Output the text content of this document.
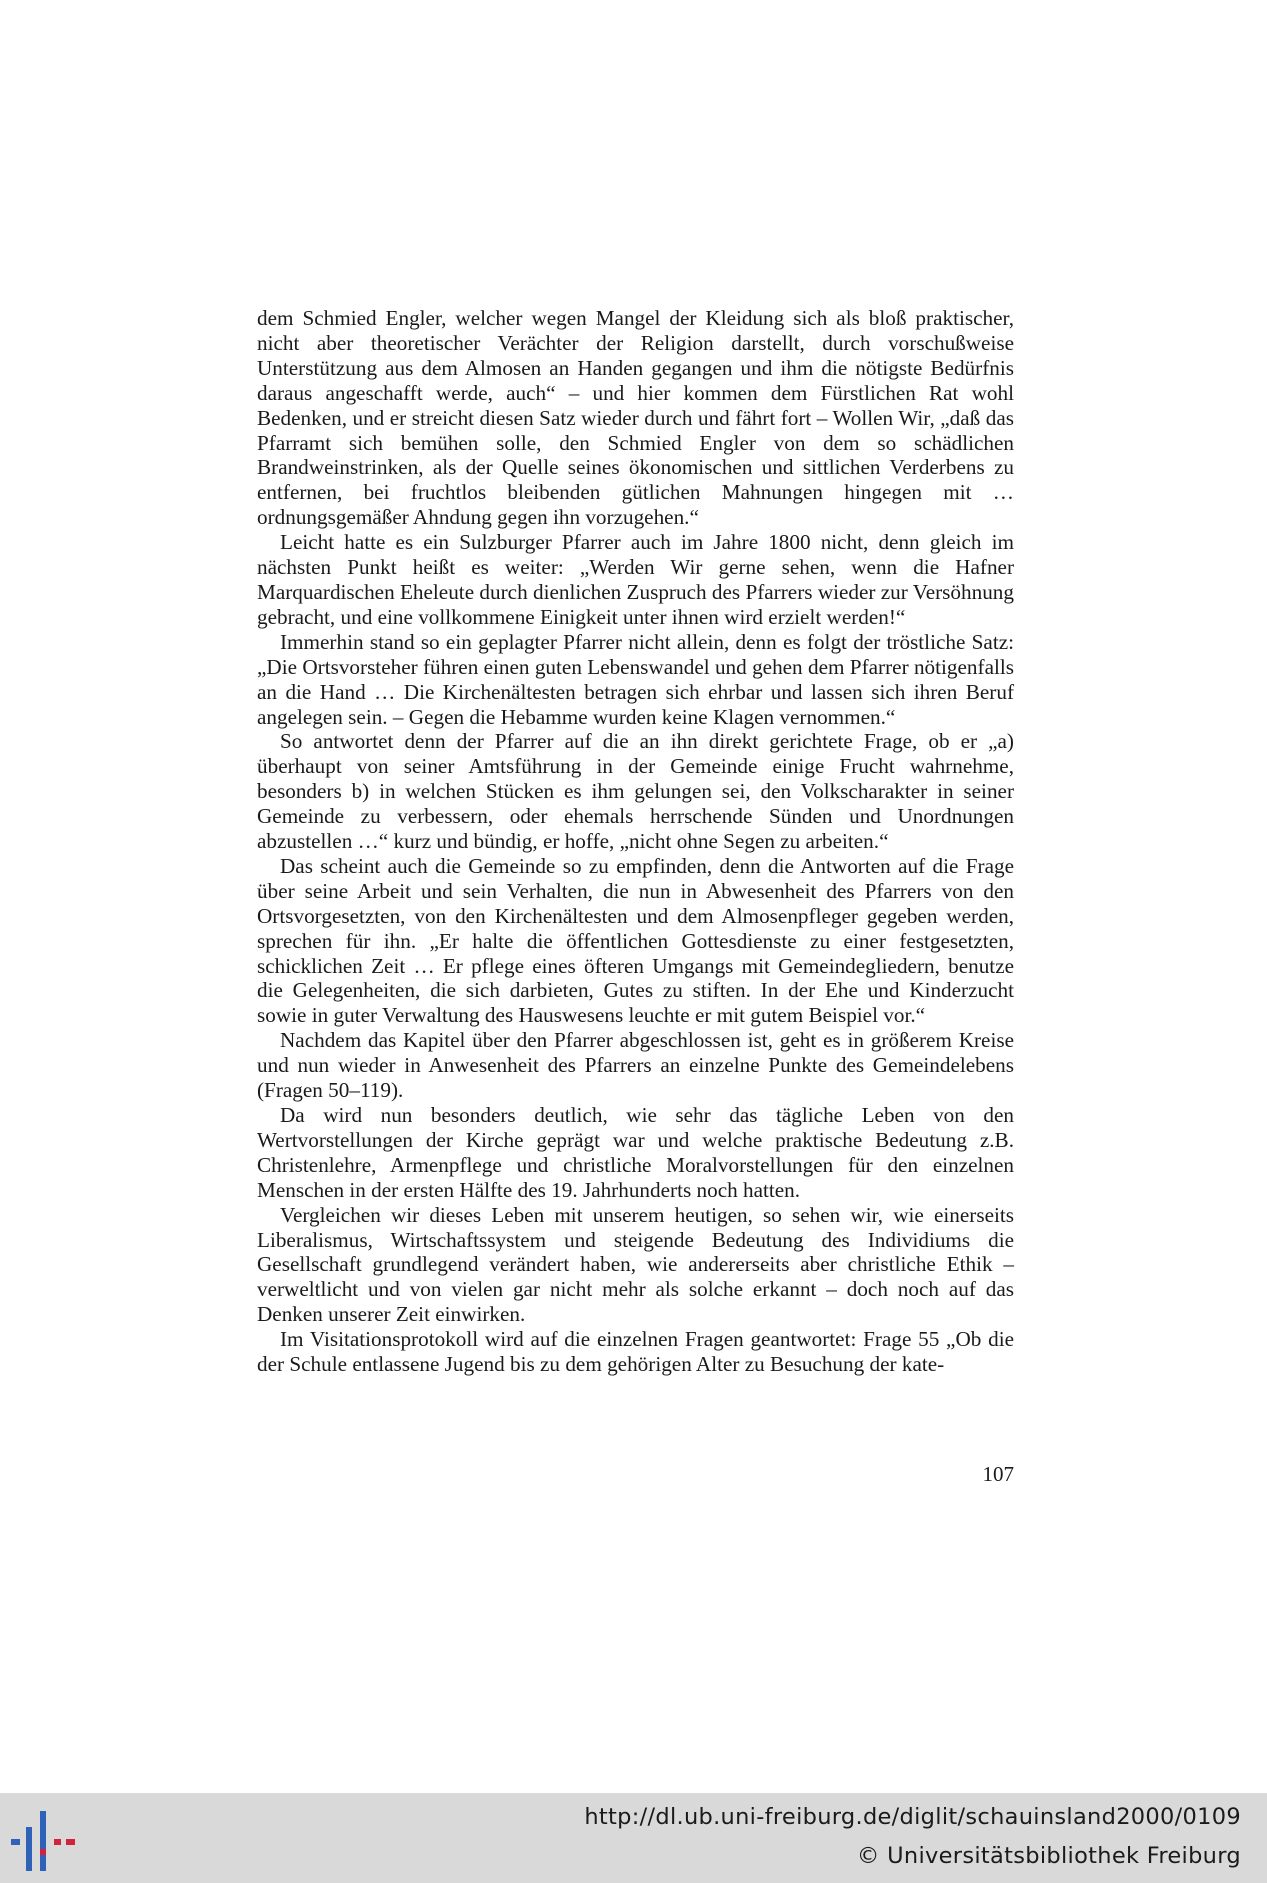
dem Schmied Engler, welcher wegen Mangel der Kleidung sich als bloß praktischer, nicht aber theoretischer Verächter der Religion darstellt, durch vorschußweise Unterstützung aus dem Almosen an Handen gegangen und ihm die nötigste Bedürfnis daraus angeschafft werde, auch“ – und hier kommen dem Fürstlichen Rat wohl Bedenken, und er streicht diesen Satz wieder durch und fährt fort – Wollen Wir, „daß das Pfarramt sich bemühen solle, den Schmied Engler von dem so schädlichen Brandweinstrinken, als der Quelle seines ökonomischen und sittlichen Verderbens zu entfernen, bei fruchtlos bleibenden gütlichen Mahnungen hingegen mit … ordnungsgemäßer Ahndung gegen ihn vorzugehen.“

Leicht hatte es ein Sulzburger Pfarrer auch im Jahre 1800 nicht, denn gleich im nächsten Punkt heißt es weiter: „Werden Wir gerne sehen, wenn die Hafner Marquardischen Eheleute durch dienlichen Zuspruch des Pfarrers wieder zur Versöhnung gebracht, und eine vollkommene Einigkeit unter ihnen wird erzielt werden!“

Immerhin stand so ein geplagter Pfarrer nicht allein, denn es folgt der tröstliche Satz: „Die Ortsvorsteher führen einen guten Lebenswandel und gehen dem Pfarrer nötigenfalls an die Hand … Die Kirchenältesten betragen sich ehrbar und lassen sich ihren Beruf angelegen sein. – Gegen die Hebamme wurden keine Klagen vernommen.“

So antwortet denn der Pfarrer auf die an ihn direkt gerichtete Frage, ob er „a) überhaupt von seiner Amtsführung in der Gemeinde einige Frucht wahrnehme, besonders b) in welchen Stücken es ihm gelungen sei, den Volkscharakter in seiner Gemeinde zu verbessern, oder ehemals herrschende Sünden und Unordnungen abzustellen …“ kurz und bündig, er hoffe, „nicht ohne Segen zu arbeiten.“

Das scheint auch die Gemeinde so zu empfinden, denn die Antworten auf die Frage über seine Arbeit und sein Verhalten, die nun in Abwesenheit des Pfarrers von den Ortsvorgesetzten, von den Kirchenältesten und dem Almosenpfleger gegeben werden, sprechen für ihn. „Er halte die öffentlichen Gottesdienste zu einer festgesetzten, schicklichen Zeit … Er pflege eines öfteren Umgangs mit Gemeindegliedern, benutze die Gelegenheiten, die sich darbieten, Gutes zu stiften. In der Ehe und Kinderzucht sowie in guter Verwaltung des Hauswesens leuchte er mit gutem Beispiel vor.“

Nachdem das Kapitel über den Pfarrer abgeschlossen ist, geht es in größerem Kreise und nun wieder in Anwesenheit des Pfarrers an einzelne Punkte des Gemeindelebens (Fragen 50–119).

Da wird nun besonders deutlich, wie sehr das tägliche Leben von den Wertvorstellungen der Kirche geprägt war und welche praktische Bedeutung z.B. Christenlehre, Armenpflege und christliche Moralvorstellungen für den einzelnen Menschen in der ersten Hälfte des 19. Jahrhunderts noch hatten.

Vergleichen wir dieses Leben mit unserem heutigen, so sehen wir, wie einerseits Liberalismus, Wirtschaftssystem und steigende Bedeutung des Individiums die Gesellschaft grundlegend verändert haben, wie andererseits aber christliche Ethik – verweltlicht und von vielen gar nicht mehr als solche erkannt – doch noch auf das Denken unserer Zeit einwirken.

Im Visitationsprotokoll wird auf die einzelnen Fragen geantwortet: Frage 55 „Ob die der Schule entlassene Jugend bis zu dem gehörigen Alter zu Besuchung der kate-

107
http://dl.ub.uni-freiburg.de/diglit/schauinsland2000/0109
© Universitätsbibliothek Freiburg
